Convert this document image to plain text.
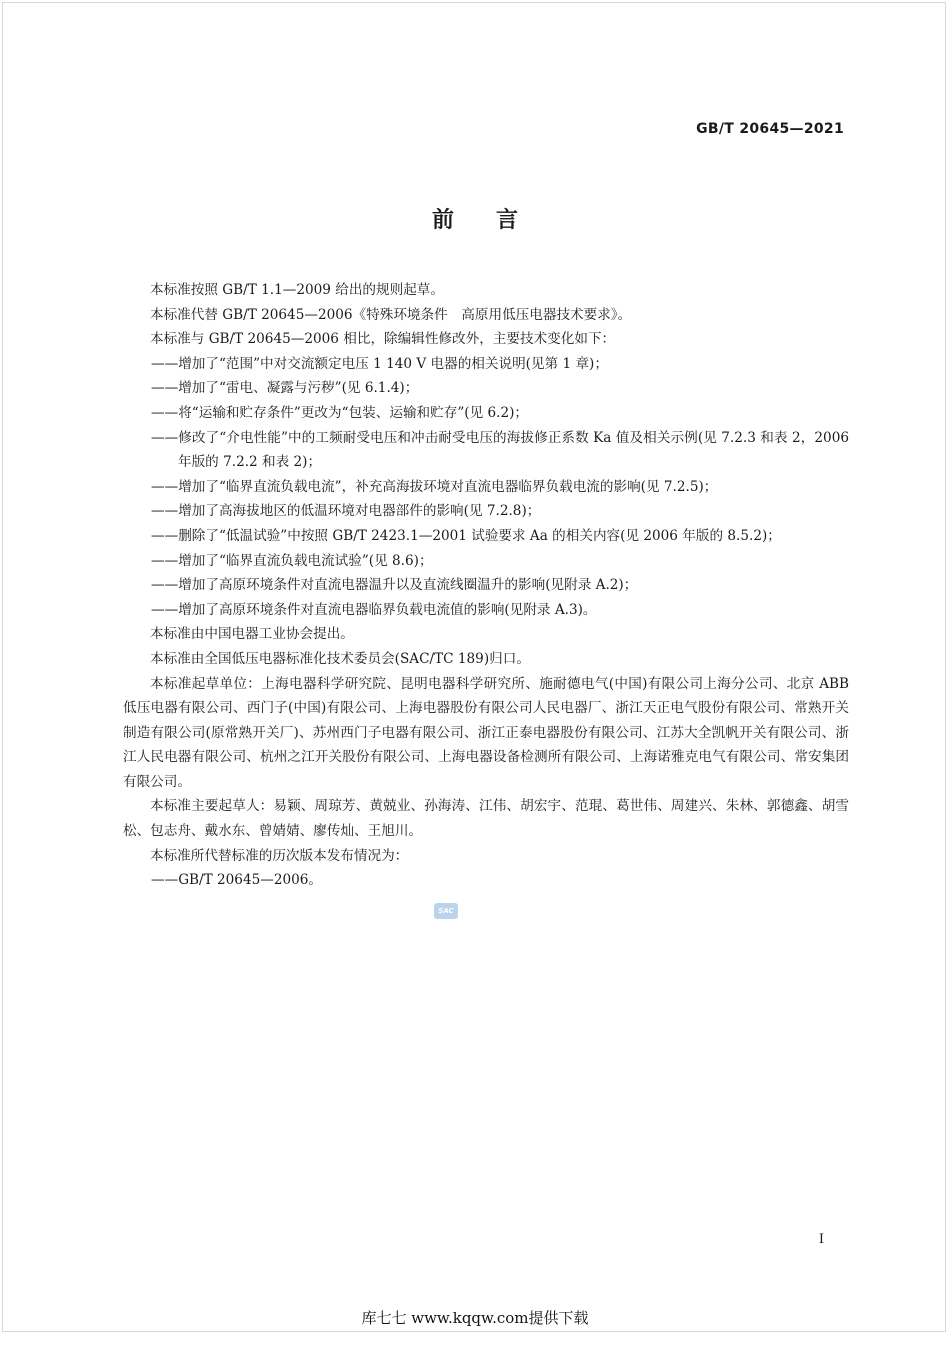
GB/T 20645—2021
前言

本标准按照 GB/T 1.1—2009 给出的规则起草。

本标准代替 GB/T 20645—2006《特殊环境条件　高原用低压电器技术要求》。

本标准与 GB/T 20645—2006 相比，除编辑性修改外，主要技术变化如下：

——增加了“范围”中对交流额定电压 1 140 V 电器的相关说明(见第 1 章)；

——增加了“雷电、凝露与污秽”(见 6.1.4)；

——将“运输和贮存条件”更改为“包装、运输和贮存”(见 6.2)；

——修改了“介电性能”中的工频耐受电压和冲击耐受电压的海拔修正系数 Ka 值及相关示例(见 7.2.3 和表 2，2006 年版的 7.2.2 和表 2)；

——增加了“临界直流负载电流”，补充高海拔环境对直流电器临界负载电流的影响(见 7.2.5)；

——增加了高海拔地区的低温环境对电器部件的影响(见 7.2.8)；

——删除了“低温试验”中按照 GB/T 2423.1—2001 试验要求 Aa 的相关内容(见 2006 年版的 8.5.2)；

——增加了“临界直流负载电流试验”(见 8.6)；

——增加了高原环境条件对直流电器温升以及直流线圈温升的影响(见附录 A.2)；

——增加了高原环境条件对直流电器临界负载电流值的影响(见附录 A.3)。

本标准由中国电器工业协会提出。

本标准由全国低压电器标准化技术委员会(SAC/TC 189)归口。

本标准起草单位：上海电器科学研究院、昆明电器科学研究所、施耐德电气(中国)有限公司上海分公司、北京 ABB 低压电器有限公司、西门子(中国)有限公司、上海电器股份有限公司人民电器厂、浙江天正电气股份有限公司、常熟开关制造有限公司(原常熟开关厂)、苏州西门子电器有限公司、浙江正泰电器股份有限公司、江苏大全凯帆开关有限公司、浙江人民电器有限公司、杭州之江开关股份有限公司、上海电器设备检测所有限公司、上海诺雅克电气有限公司、常安集团有限公司。

本标准主要起草人：易颖、周琼芳、黄兢业、孙海涛、江伟、胡宏宇、范琨、葛世伟、周建兴、朱林、郭德鑫、胡雪松、包志舟、戴水东、曾婧婧、廖传灿、王旭川。

本标准所代替标准的历次版本发布情况为：

——GB/T 20645—2006。

SAC
I
库七七 www.kqqw.com提供下载
